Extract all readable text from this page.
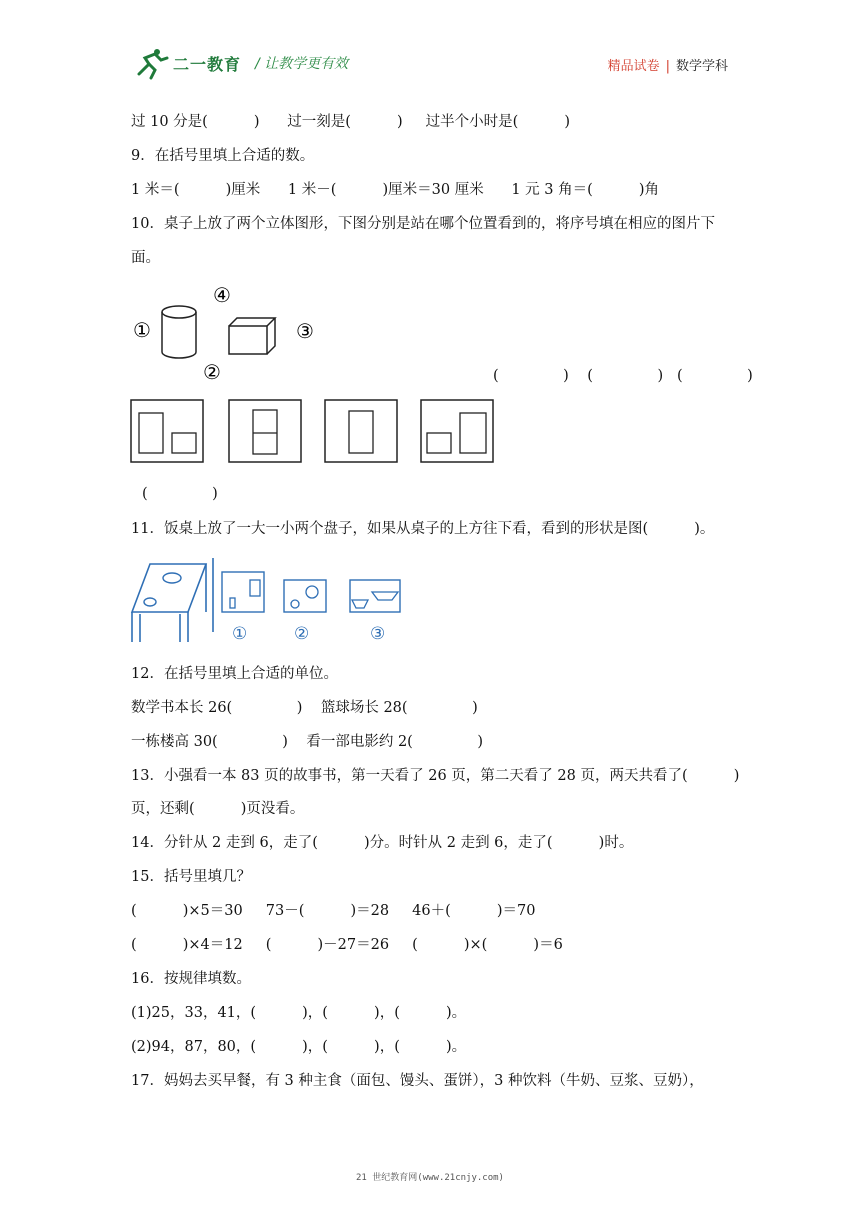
二一教育 / 让教学更有效	精品试卷 | 数学学科
过 10 分是(          )      过一刻是(          )     过半个小时是(          )
9．在括号里填上合适的数。
1 米＝(          )厘米      1 米－(          )厘米＝30 厘米      1 元 3 角＝(          )角
10．桌子上放了两个立体图形，下图分别是站在哪个位置看到的，将序号填在相应的图片下
面。
①
④
②
③
(              )    (              )   (              )
(              )
11．饭桌上放了一大一小两个盘子，如果从桌子的上方往下看，看到的形状是图(          )。
①	②	③
12．在括号里填上合适的单位。
数学书本长 26(              )    篮球场长 28(              )
一栋楼高 30(              )    看一部电影约 2(              )
13．小强看一本 83 页的故事书，第一天看了 26 页，第二天看了 28 页，两天共看了(          )
页，还剩(          )页没看。
14．分针从 2 走到 6，走了(          )分。时针从 2 走到 6，走了(          )时。
15．括号里填几？
(          )×5＝30     73－(          )＝28     46＋(          )＝70
(          )×4＝12     (          )－27＝26     (          )×(          )＝6
16．按规律填数。
(1)25，33，41，(          )，(          )，(          )。
(2)94，87，80，(          )，(          )，(          )。
17．妈妈去买早餐，有 3 种主食（面包、馒头、蛋饼），3 种饮料（牛奶、豆浆、豆奶），
21 世纪教育网(www.21cnjy.com)
